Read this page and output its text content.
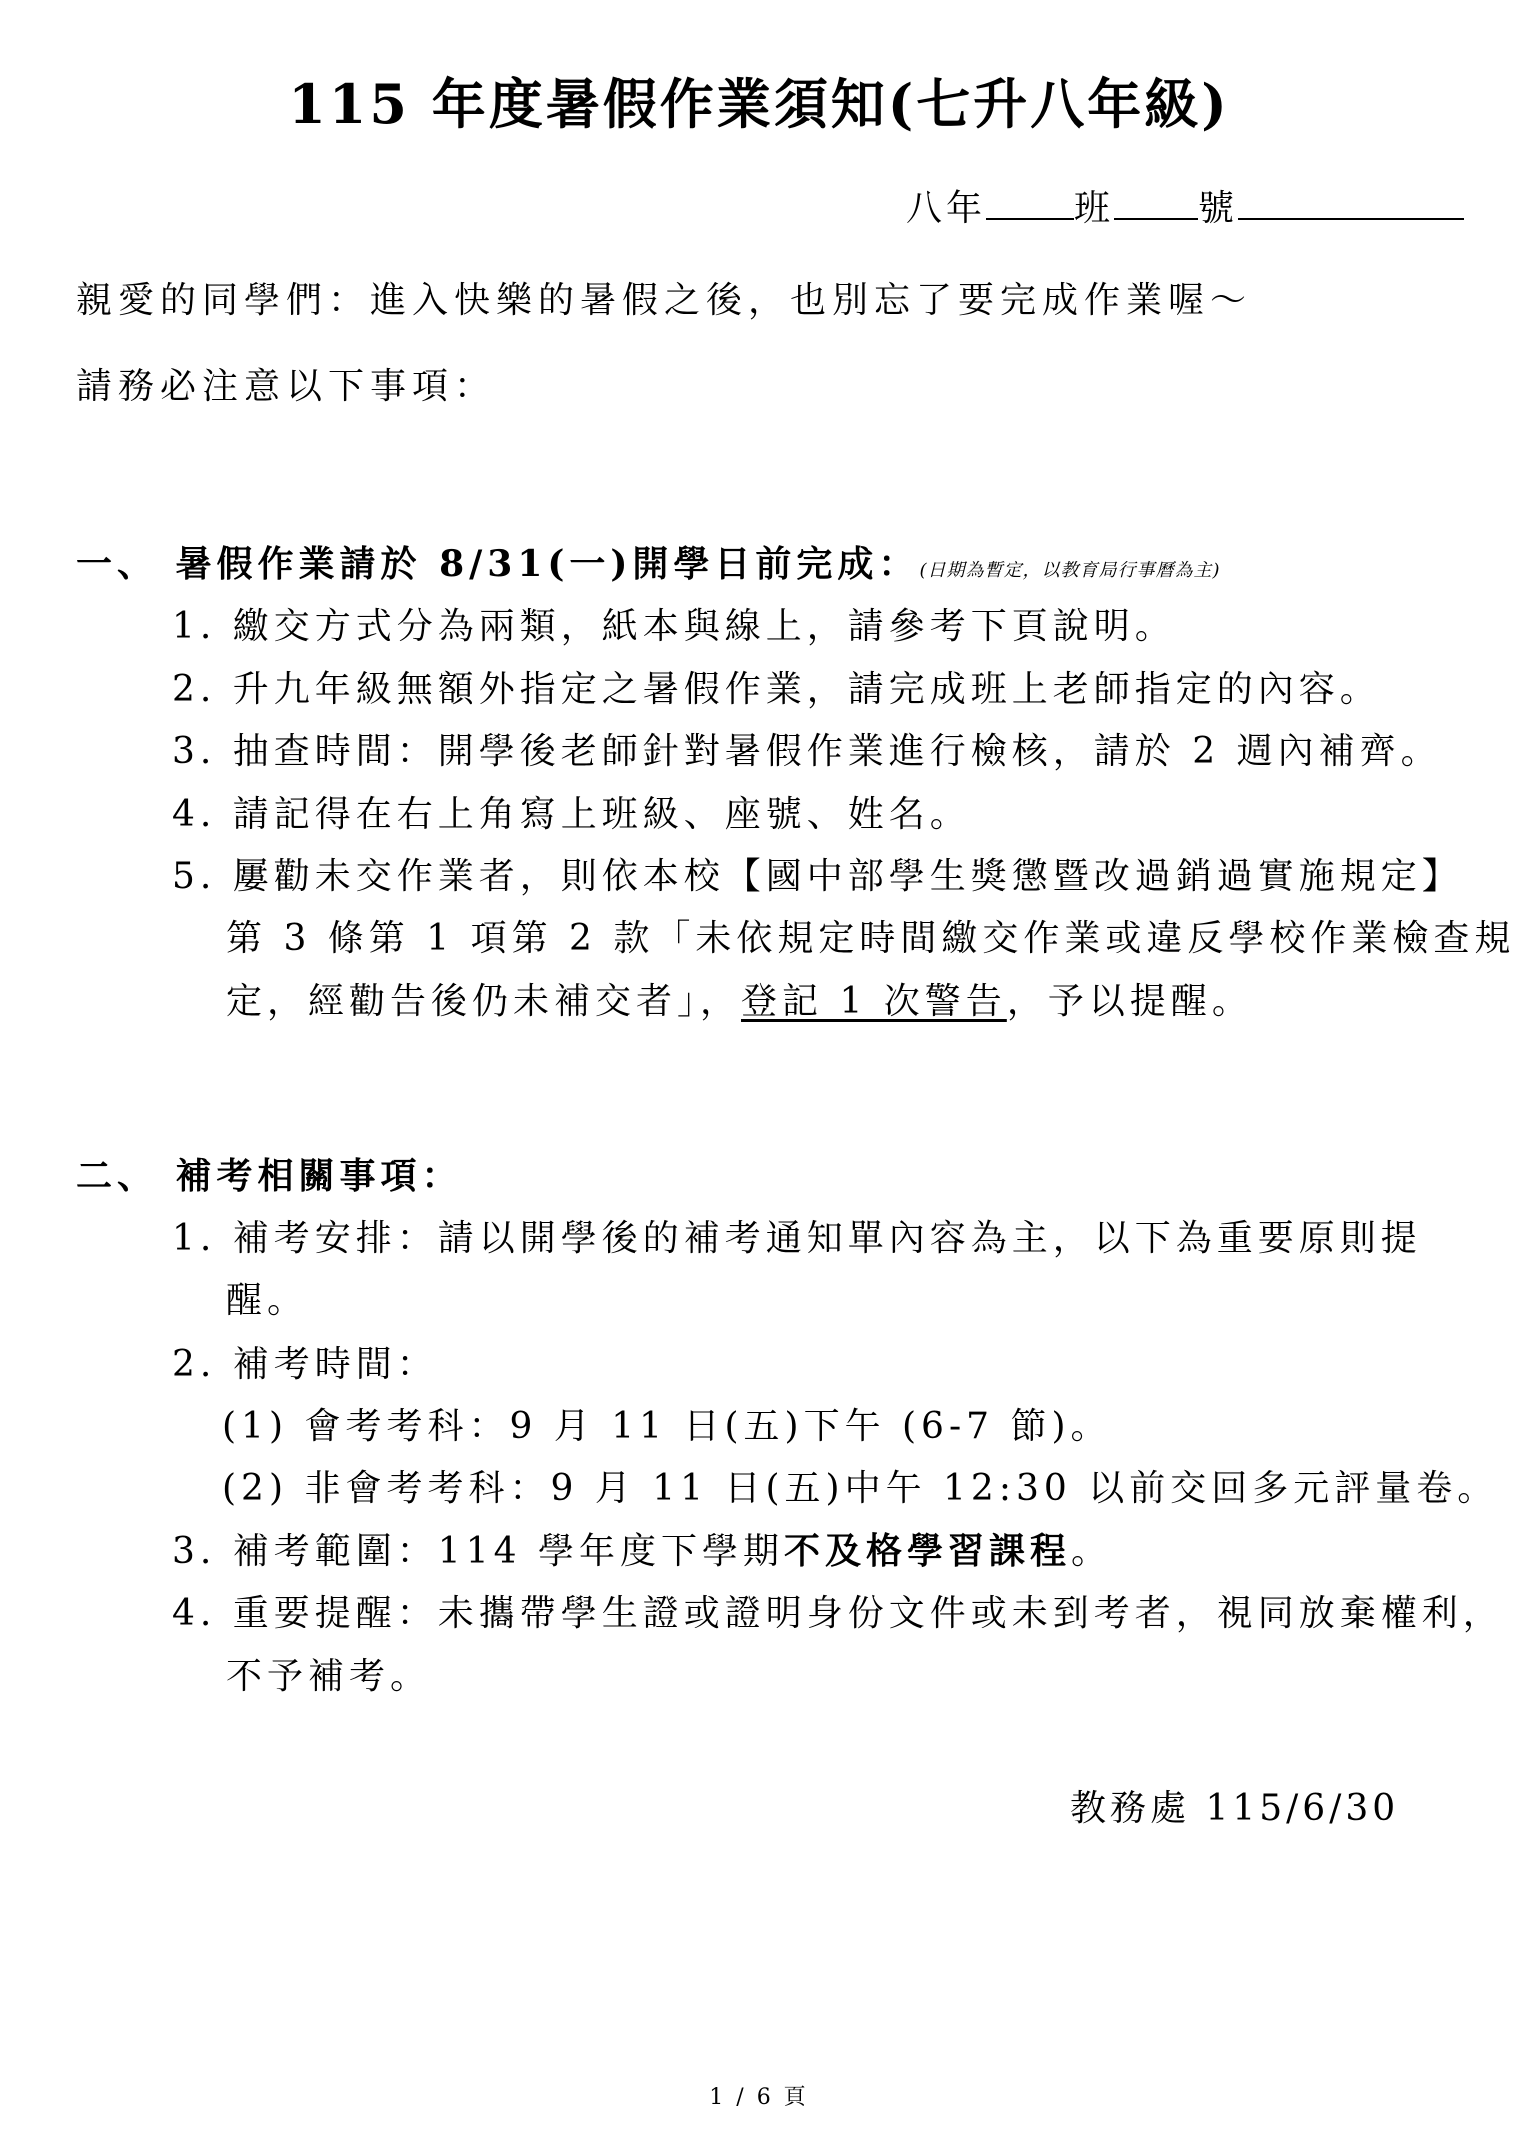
115 年度暑假作業須知(七升八年級)
八年 班 號
親愛的同學們：進入快樂的暑假之後，也別忘了要完成作業喔～
請務必注意以下事項：
一、 暑假作業請於 8/31(一)開學日前完成：(日期為暫定，以教育局行事曆為主)
1. 繳交方式分為兩類，紙本與線上，請參考下頁說明。
2. 升九年級無額外指定之暑假作業，請完成班上老師指定的內容。
3. 抽查時間：開學後老師針對暑假作業進行檢核，請於 2 週內補齊。
4. 請記得在右上角寫上班級、座號、姓名。
5. 屢勸未交作業者，則依本校【國中部學生獎懲暨改過銷過實施規定】
第 3 條第 1 項第 2 款「未依規定時間繳交作業或違反學校作業檢查規
定，經勸告後仍未補交者」，登記 1 次警告，予以提醒。
二、 補考相關事項：
1. 補考安排：請以開學後的補考通知單內容為主，以下為重要原則提
醒。
2. 補考時間：
(1) 會考考科：9 月 11 日(五)下午 (6-7 節)。
(2) 非會考考科：9 月 11 日(五)中午 12:30 以前交回多元評量卷。
3. 補考範圍：114 學年度下學期不及格學習課程。
4. 重要提醒：未攜帶學生證或證明身份文件或未到考者，視同放棄權利，
不予補考。
教務處 115/6/30
1 / 6 頁
